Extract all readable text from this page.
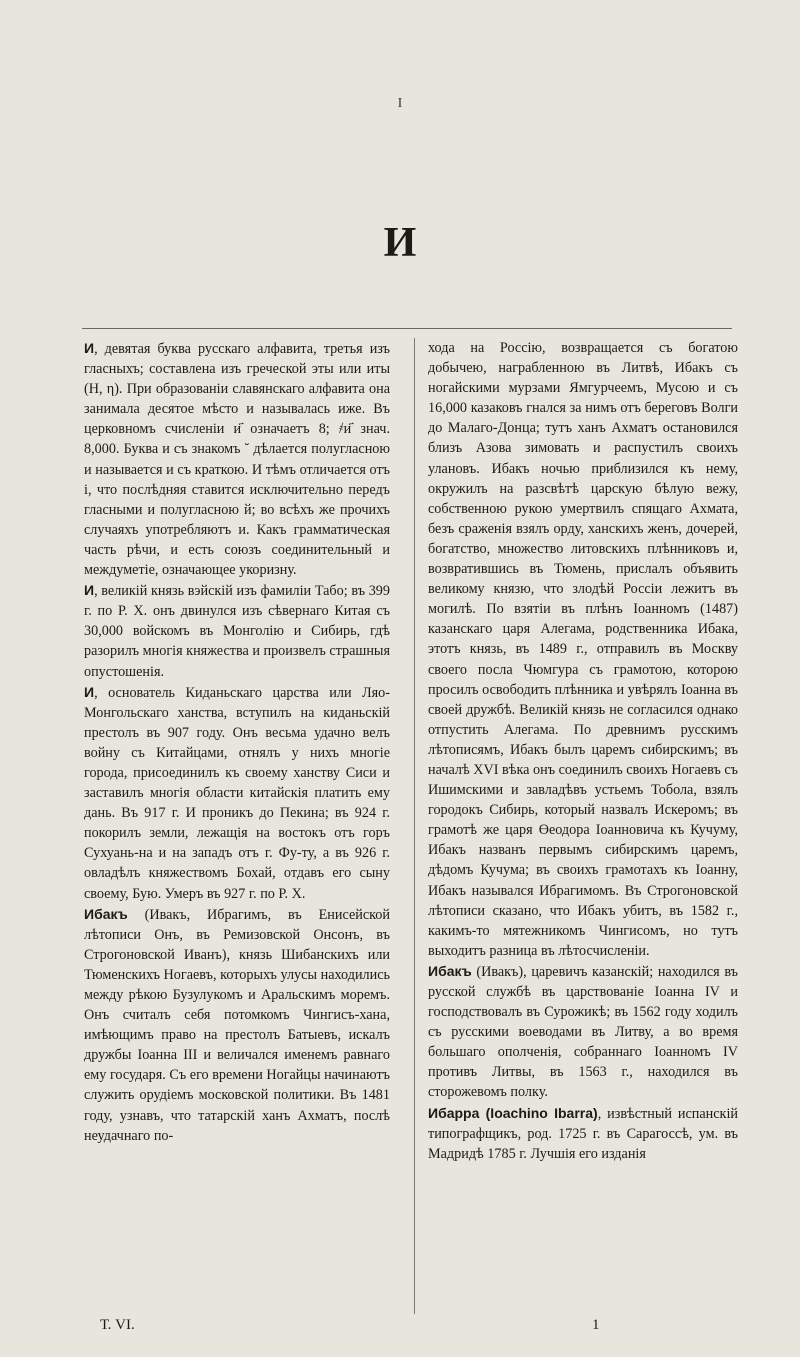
I
И

И, девятая буква русскаго алфавита, третья изъ гласныхъ; составлена изъ греческой эты или иты (Н, η). При образованіи славянскаго алфавита она занимала десятое мѣсто и называлась иже. Въ церковномъ счисленіи и҃ означаетъ 8; ҂и҃ знач. 8,000. Буква и съ знакомъ ˘ дѣлается полугласною и называется и съ краткою. И тѣмъ отличается отъ і, что послѣдняя ставится исключительно передъ гласными и полугласною й; во всѣхъ же прочихъ случаяхъ употребляютъ и. Какъ грамматическая часть рѣчи, и есть союзъ соединительный и междуметіе, означающее укоризну.

И, великій князь вэйскій изъ фамиліи Табо; въ 399 г. по Р. Х. онъ двинулся изъ сѣвернаго Китая съ 30,000 войскомъ въ Монголію и Сибирь, гдѣ разорилъ многія княжества и произвелъ страшныя опустошенія.

И, основатель Киданьскаго царства или Ляо-Монгольскаго ханства, вступилъ на киданьскій престолъ въ 907 году. Онъ весьма удачно велъ войну съ Китайцами, отнялъ у нихъ многіе города, присоединилъ къ своему ханству Сиси и заставилъ многія области китайскія платить ему дань. Въ 917 г. И проникъ до Пекина; въ 924 г. покорилъ земли, лежащія на востокъ отъ горъ Сухуань-на и на западъ отъ г. Фу-ту, а въ 926 г. овладѣлъ княжествомъ Бохай, отдавъ его сыну своему, Бую. Умеръ въ 927 г. по Р. Х.

Ибакъ (Ивакъ, Ибрагимъ, въ Енисейской лѣтописи Онъ, въ Ремизовской Онсонъ, въ Строгоновской Иванъ), князь Шибанскихъ или Тюменскихъ Ногаевъ, которыхъ улусы находились между рѣкою Бузулукомъ и Аральскимъ моремъ. Онъ считалъ себя потомкомъ Чингисъ-хана, имѣющимъ право на престолъ Батыевъ, искалъ дружбы Іоанна III и величался именемъ равнаго ему государя. Съ его времени Ногайцы начинаютъ служить орудіемъ московской политики. Въ 1481 году, узнавъ, что татарскій ханъ Ахматъ, послѣ неудачнаго по-

хода на Россію, возвращается съ богатою добычею, награбленною въ Литвѣ, Ибакъ съ ногайскими мурзами Ямгурчеемъ, Мусою и съ 16,000 казаковъ гнался за нимъ отъ береговъ Волги до Малаго-Донца; тутъ ханъ Ахматъ остановился близъ Азова зимовать и распустилъ своихъ улановъ. Ибакъ ночью приблизился къ нему, окружилъ на разсвѣтѣ царскую бѣлую вежу, собственною рукою умертвилъ спящаго Ахмата, безъ сраженія взялъ орду, ханскихъ женъ, дочерей, богатство, множество литовскихъ плѣнниковъ и, возвратившись въ Тюмень, прислалъ объявить великому князю, что злодѣй Россіи лежитъ въ могилѣ. По взятіи въ плѣнъ Іоанномъ (1487) казанскаго царя Алегама, родственника Ибака, этотъ князь, въ 1489 г., отправилъ въ Москву своего посла Чюмгура съ грамотою, которою просилъ освободить плѣнника и увѣрялъ Іоанна въ своей дружбѣ. Великій князь не согласился однако отпустить Алегама. По древнимъ русскимъ лѣтописямъ, Ибакъ былъ царемъ сибирскимъ; въ началѣ XVI вѣка онъ соединилъ своихъ Ногаевъ съ Ишимскими и завладѣвъ устьемъ Тобола, взялъ городокъ Сибирь, который назвалъ Искеромъ; въ грамотѣ же царя Өеодора Іоанновича къ Кучуму, Ибакъ названъ первымъ сибирскимъ царемъ, дѣдомъ Кучума; въ своихъ грамотахъ къ Іоанну, Ибакъ назывался Ибрагимомъ. Въ Строгоновской лѣтописи сказано, что Ибакъ убитъ, въ 1582 г., какимъ-то мятежникомъ Чингисомъ, но тутъ выходитъ разница въ лѣтосчисленіи.

Ибакъ (Ивакъ), царевичъ казанскій; находился въ русской службѣ въ царствованіе Іоанна IV и господствовалъ въ Сурожикѣ; въ 1562 году ходилъ съ русскими воеводами въ Литву, а во время большаго ополченія, собраннаго Іоанномъ IV противъ Литвы, въ 1563 г., находился въ сторожевомъ полку.

Ибарра (Ioachino Ibarra), извѣстный испанскій типографщикъ, род. 1725 г. въ Сарагоссѣ, ум. въ Мадридѣ 1785 г. Лучшія его изданія

Т. VI.	1
